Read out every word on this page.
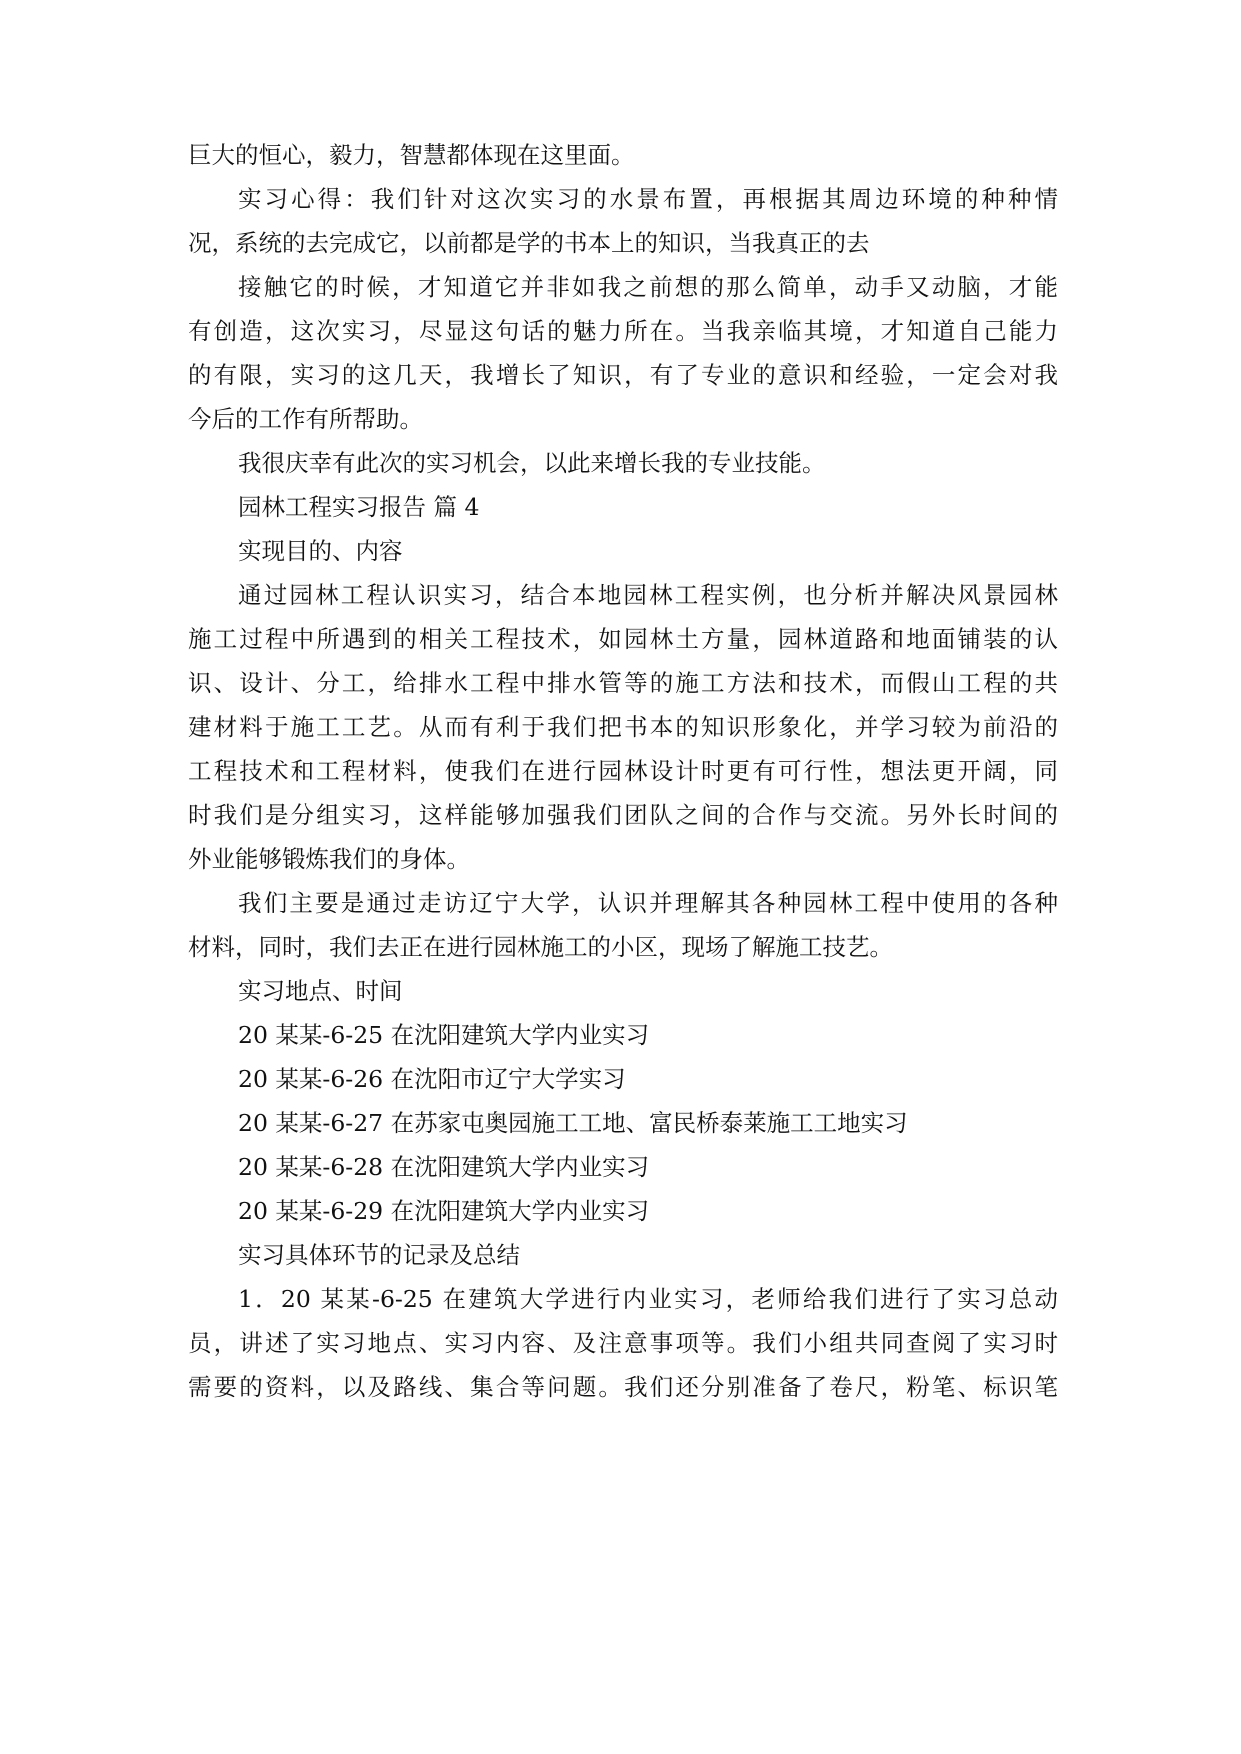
巨大的恒心，毅力，智慧都体现在这里面。
实习心得：我们针对这次实习的水景布置，再根据其周边环境的种种情
况，系统的去完成它，以前都是学的书本上的知识，当我真正的去
接触它的时候，才知道它并非如我之前想的那么简单，动手又动脑，才能
有创造，这次实习，尽显这句话的魅力所在。当我亲临其境，才知道自己能力
的有限，实习的这几天，我增长了知识，有了专业的意识和经验，一定会对我
今后的工作有所帮助。
我很庆幸有此次的实习机会，以此来增长我的专业技能。
园林工程实习报告 篇 4
实现目的、内容
通过园林工程认识实习，结合本地园林工程实例，也分析并解决风景园林
施工过程中所遇到的相关工程技术，如园林土方量，园林道路和地面铺装的认
识、设计、分工，给排水工程中排水管等的施工方法和技术，而假山工程的共
建材料于施工工艺。从而有利于我们把书本的知识形象化，并学习较为前沿的
工程技术和工程材料，使我们在进行园林设计时更有可行性，想法更开阔，同
时我们是分组实习，这样能够加强我们团队之间的合作与交流。另外长时间的
外业能够锻炼我们的身体。
我们主要是通过走访辽宁大学，认识并理解其各种园林工程中使用的各种
材料，同时，我们去正在进行园林施工的小区，现场了解施工技艺。
实习地点、时间
20 某某-6-25 在沈阳建筑大学内业实习
20 某某-6-26 在沈阳市辽宁大学实习
20 某某-6-27 在苏家屯奥园施工工地、富民桥泰莱施工工地实习
20 某某-6-28 在沈阳建筑大学内业实习
20 某某-6-29 在沈阳建筑大学内业实习
实习具体环节的记录及总结
1．20 某某-6-25 在建筑大学进行内业实习，老师给我们进行了实习总动
员，讲述了实习地点、实习内容、及注意事项等。我们小组共同查阅了实习时
需要的资料，以及路线、集合等问题。我们还分别准备了卷尺，粉笔、标识笔
